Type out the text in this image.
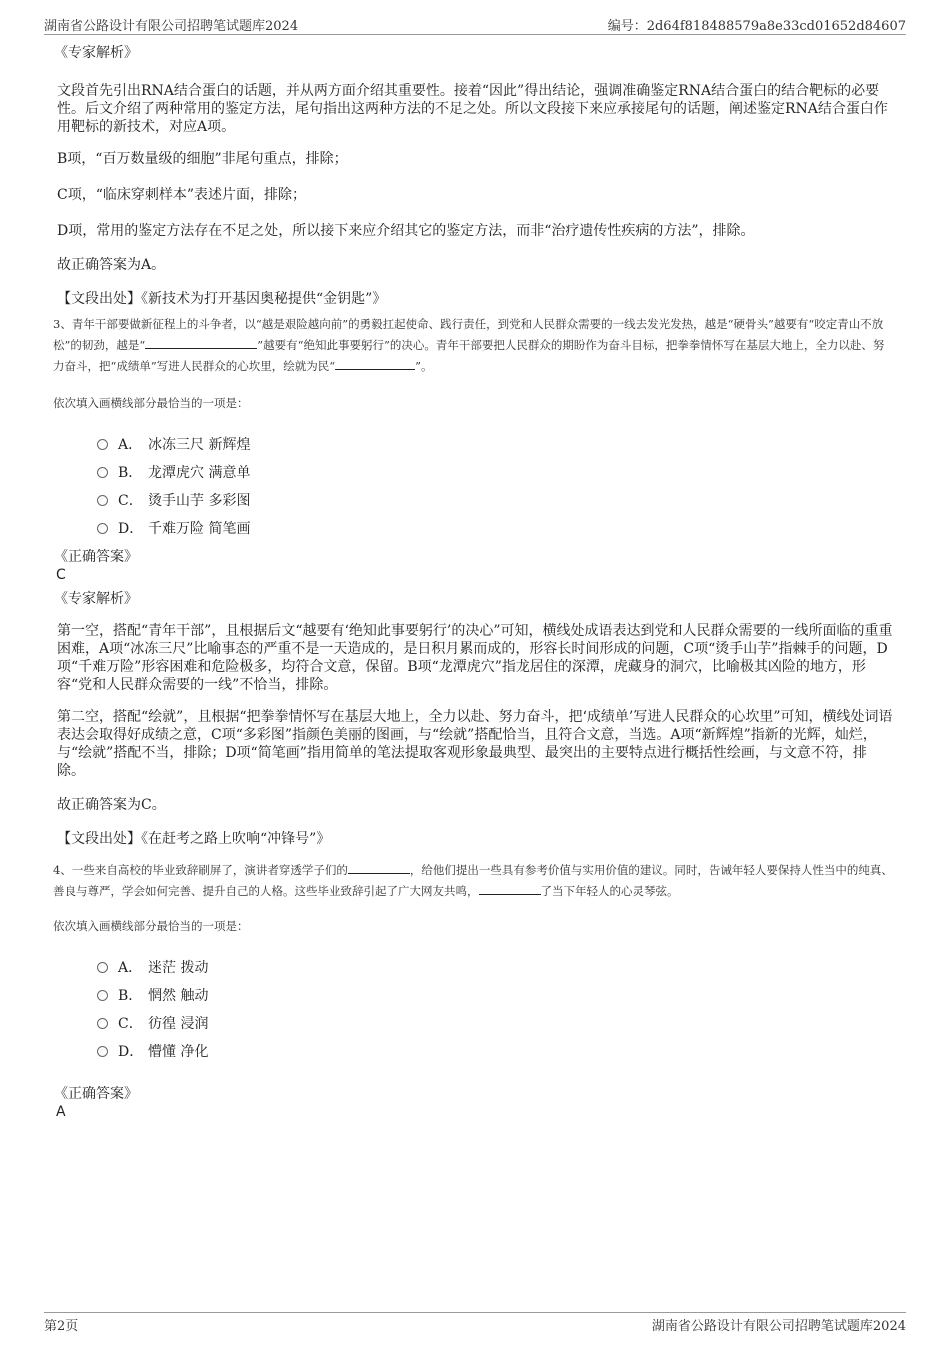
湖南省公路设计有限公司招聘笔试题库2024	编号：2d64f818488579a8e33cd01652d84607

《专家解析》

文段首先引出RNA结合蛋白的话题，并从两方面介绍其重要性。接着“因此”得出结论，强调准确鉴定RNA结合蛋白的结合靶标的必要性。后文介绍了两种常用的鉴定方法，尾句指出这两种方法的不足之处。所以文段接下来应承接尾句的话题，阐述鉴定RNA结合蛋白作用靶标的新技术，对应A项。

B项，“百万数量级的细胞”非尾句重点，排除；

C项，“临床穿刺样本”表述片面，排除；

D项，常用的鉴定方法存在不足之处，所以接下来应介绍其它的鉴定方法，而非“治疗遗传性疾病的方法”，排除。

故正确答案为A。

【文段出处】《新技术为打开基因奥秘提供“金钥匙”》

3、青年干部要做新征程上的斗争者，以“越是艰险越向前”的勇毅扛起使命、践行责任，到党和人民群众需要的一线去发光发热，越是“硬骨头”越要有“咬定青山不放松”的韧劲，越是“	”越要有“绝知此事要躬行”的决心。青年干部要把人民群众的期盼作为奋斗目标，把拳拳情怀写在基层大地上，全力以赴、努力奋斗，把“成绩单”写进人民群众的心坎里，绘就为民“	”。

依次填入画横线部分最恰当的一项是：

A． 冰冻三尺 新辉煌
B． 龙潭虎穴 满意单
C． 烫手山芋 多彩图
D． 千难万险 简笔画

《正确答案》

C

《专家解析》

第一空，搭配“青年干部”，且根据后文“越要有‘绝知此事要躬行’的决心”可知，横线处成语表达到党和人民群众需要的一线所面临的重重困难，A项“冰冻三尺”比喻事态的严重不是一天造成的，是日积月累而成的，形容长时间形成的问题，C项“烫手山芋”指棘手的问题，D项“千难万险”形容困难和危险极多，均符合文意，保留。B项“龙潭虎穴”指龙居住的深潭，虎藏身的洞穴，比喻极其凶险的地方，形容“党和人民群众需要的一线”不恰当，排除。

第二空，搭配“绘就”，且根据“把拳拳情怀写在基层大地上，全力以赴、努力奋斗，把‘成绩单’写进人民群众的心坎里”可知，横线处词语表达会取得好成绩之意，C项“多彩图”指颜色美丽的图画，与“绘就”搭配恰当，且符合文意，当选。A项“新辉煌”指新的光辉，灿烂，与“绘就”搭配不当，排除；D项“简笔画”指用简单的笔法提取客观形象最典型、最突出的主要特点进行概括性绘画，与文意不符，排除。

故正确答案为C。

【文段出处】《在赶考之路上吹响“冲锋号”》

4、一些来自高校的毕业致辞刷屏了，演讲者穿透学子们的	，给他们提出一些具有参考价值与实用价值的建议。同时，告诫年轻人要保持人性当中的纯真、善良与尊严，学会如何完善、提升自己的人格。这些毕业致辞引起了广大网友共鸣，	了当下年轻人的心灵琴弦。

依次填入画横线部分最恰当的一项是：

A． 迷茫 拨动
B． 惘然 触动
C． 彷徨 浸润
D． 懵懂 净化

《正确答案》

A

第2页	湖南省公路设计有限公司招聘笔试题库2024
